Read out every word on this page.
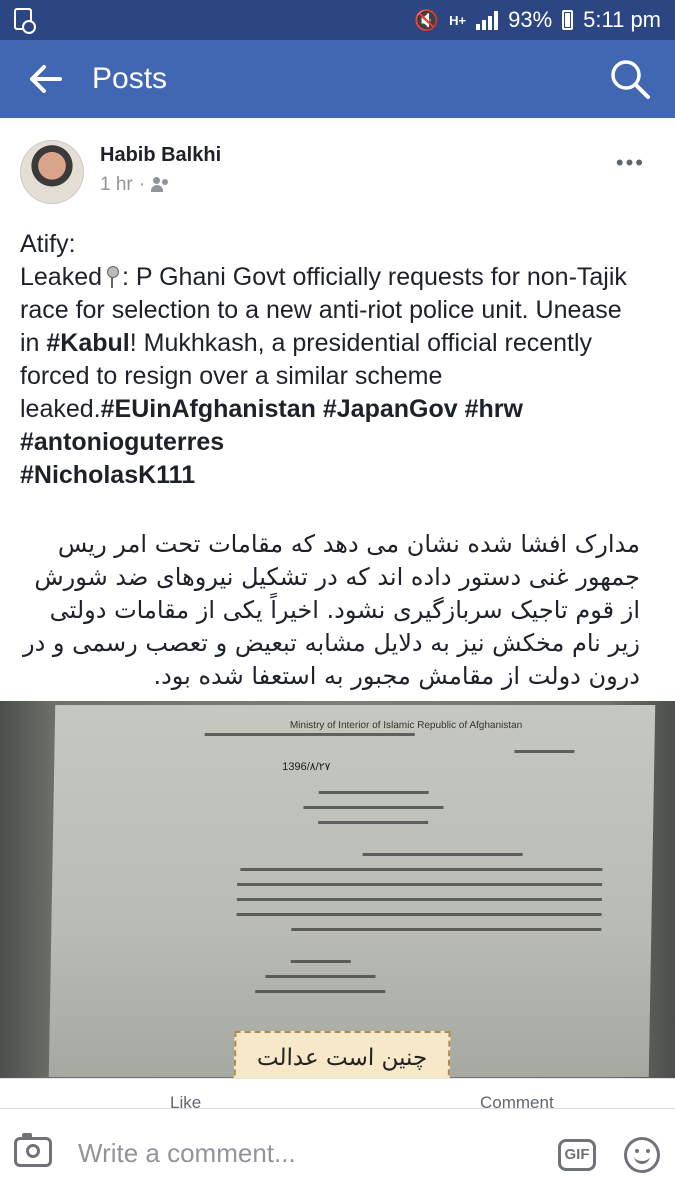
🔇 H+ 93% 5:11 pm
Posts
Habib Balkhi
1 hr ·
•••
Atify:
Leaked : P Ghani Govt officially requests for non-Tajik race for selection to a new anti-riot police unit. Unease in #Kabul! Mukhkash, a presidential official recently forced to resign over a similar scheme leaked.#EUinAfghanistan #JapanGov #hrw
#antonioguterres
#NicholasK111
مدارک افشا شده نشان می دهد که مقامات تحت امر ریس جمهور غنی دستور داده اند که در تشکیل نیروهای ضد شورش از قوم تاجیک سربازگیری نشود. اخیراً یکی از مقامات دولتی زیر نام مخکش نیز به دلایل مشابه تبعیض و تعصب رسمی و در درون دولت از مقامش مجبور به استعفا شده بود.
Ministry of Interior of Islamic Republic of Afghanistan
1396/۸/۲۷
چنین است عدالت
Like	Comment
Write a comment...
GIF
